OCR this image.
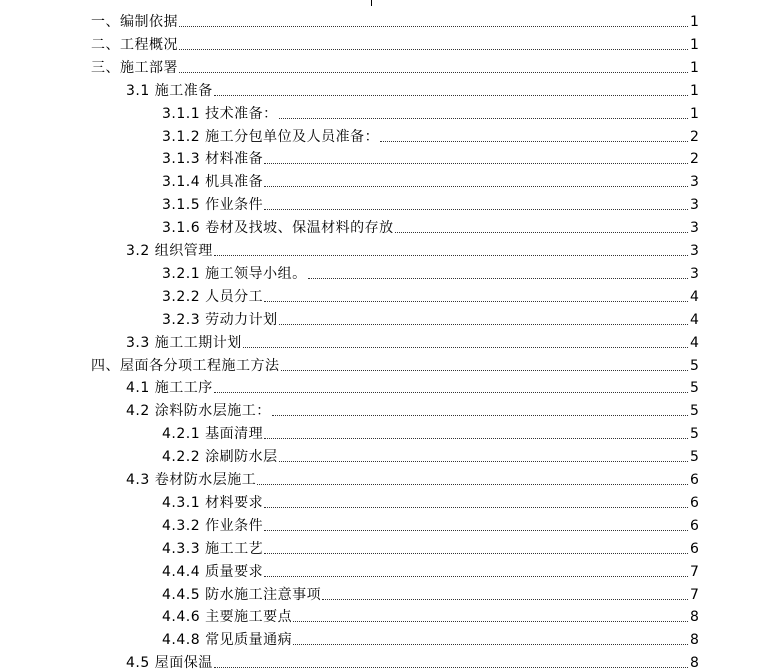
一、编制依据	1
二、工程概况	1
三、施工部署	1
3.1 施工准备	1
3.1.1 技术准备：	1
3.1.2 施工分包单位及人员准备：	2
3.1.3 材料准备	2
3.1.4 机具准备	3
3.1.5 作业条件	3
3.1.6 卷材及找坡、保温材料的存放	3
3.2 组织管理	3
3.2.1 施工领导小组。	3
3.2.2 人员分工	4
3.2.3 劳动力计划	4
3.3 施工工期计划	4
四、屋面各分项工程施工方法	5
4.1 施工工序	5
4.2 涂料防水层施工：	5
4.2.1 基面清理	5
4.2.2 涂刷防水层	5
4.3 卷材防水层施工	6
4.3.1 材料要求	6
4.3.2 作业条件	6
4.3.3 施工工艺	6
4.4.4 质量要求	7
4.4.5 防水施工注意事项	7
4.4.6 主要施工要点	8
4.4.8 常见质量通病	8
4.5 屋面保温	8
